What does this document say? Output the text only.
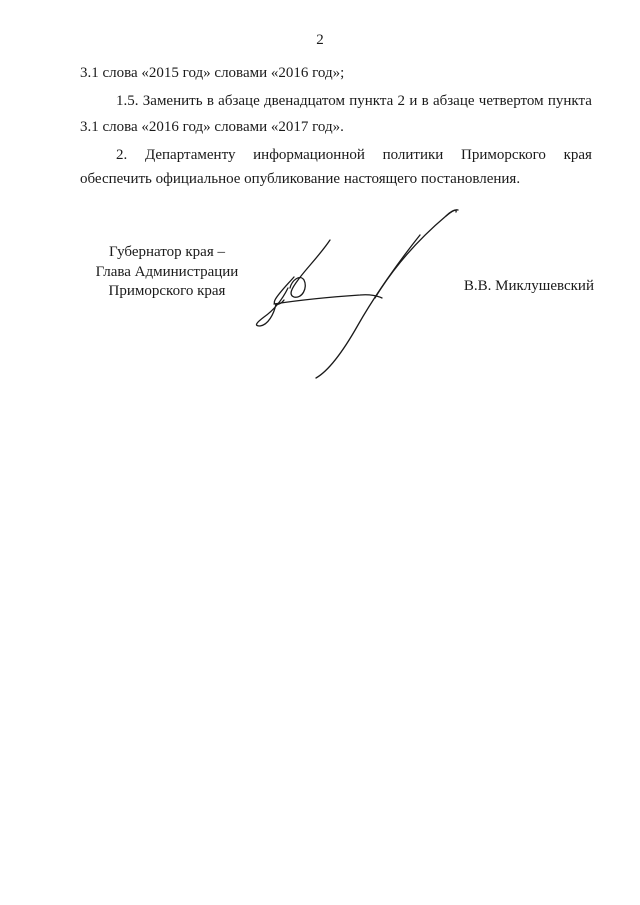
2
3.1 слова «2015 год» словами «2016 год»;
1.5. Заменить в абзаце двенадцатом пункта 2 и в абзаце четвертом пункта
3.1 слова «2016 год» словами «2017 год».
2. Департаменту информационной политики Приморского края
обеспечить официальное опубликование настоящего постановления.
Губернатор края –
Глава Администрации
Приморского края	В.В. Миклушевский
